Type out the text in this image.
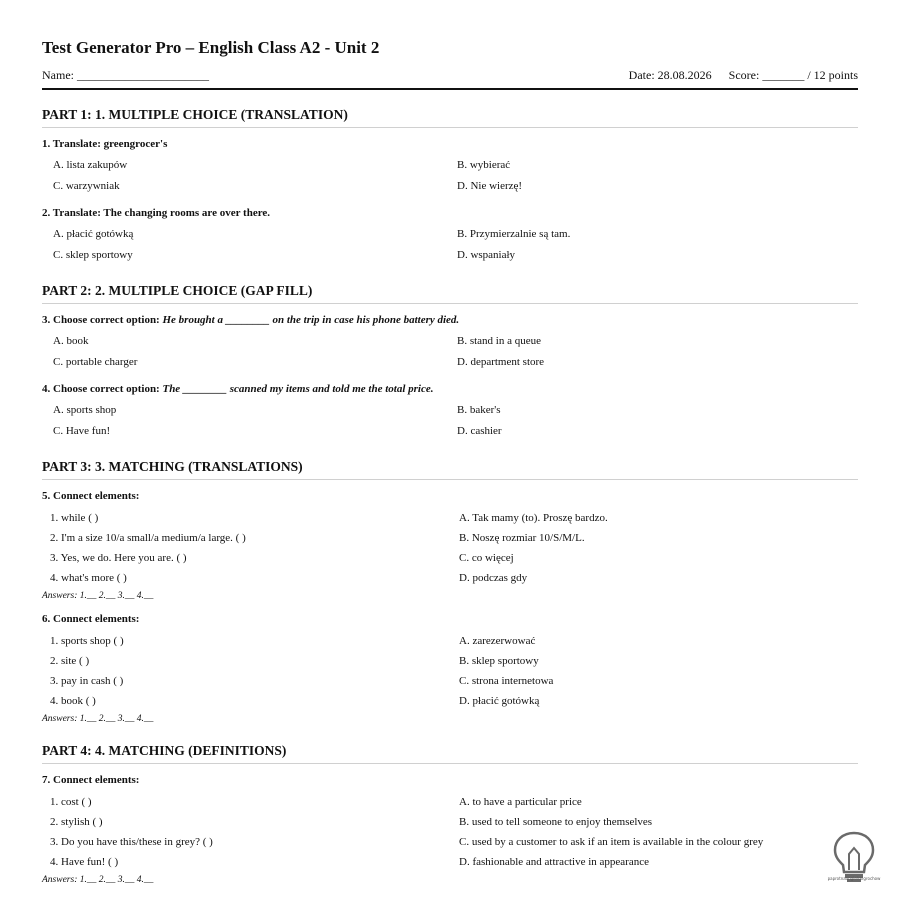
Test Generator Pro – English Class A2 - Unit 2
Name: ______________________	Date: 28.08.2026 Score: _______ / 12 points
PART 1: 1. MULTIPLE CHOICE (TRANSLATION)
1. Translate: greengrocer's
A. lista zakupów	B. wybierać
C. warzywniak	D. Nie wierzę!
2. Translate: The changing rooms are over there.
A. płacić gotówką	B. Przymierzalnie są tam.
C. sklep sportowy	D. wspaniały
PART 2: 2. MULTIPLE CHOICE (GAP FILL)
3. Choose correct option: He brought a ________ on the trip in case his phone battery died.
A. book	B. stand in a queue
C. portable charger	D. department store
4. Choose correct option: The ________ scanned my items and told me the total price.
A. sports shop	B. baker's
C. Have fun!	D. cashier
PART 3: 3. MATCHING (TRANSLATIONS)
5. Connect elements:
1. while ( )	A. Tak mamy (to). Proszę bardzo.
2. I'm a size 10/a small/a medium/a large. ( )	B. Noszę rozmiar 10/S/M/L.
3. Yes, we do. Here you are. ( )	C. co więcej
4. what's more ( )	D. podczas gdy
Answers: 1.__ 2.__ 3.__ 4.__
6. Connect elements:
1. sports shop ( )	A. zarezerwować
2. site ( )	B. sklep sportowy
3. pay in cash ( )	C. strona internetowa
4. book ( )	D. płacić gotówką
Answers: 1.__ 2.__ 3.__ 4.__
PART 4: 4. MATCHING (DEFINITIONS)
7. Connect elements:
1. cost ( )	A. to have a particular price
2. stylish ( )	B. used to tell someone to enjoy themselves
3. Do you have this/these in grey? ( )	C. used by a customer to ask if an item is available in the colour grey
4. Have fun! ( )	D. fashionable and attractive in appearance
Answers: 1.__ 2.__ 3.__ 4.__	paprotnaangielskigrochow
